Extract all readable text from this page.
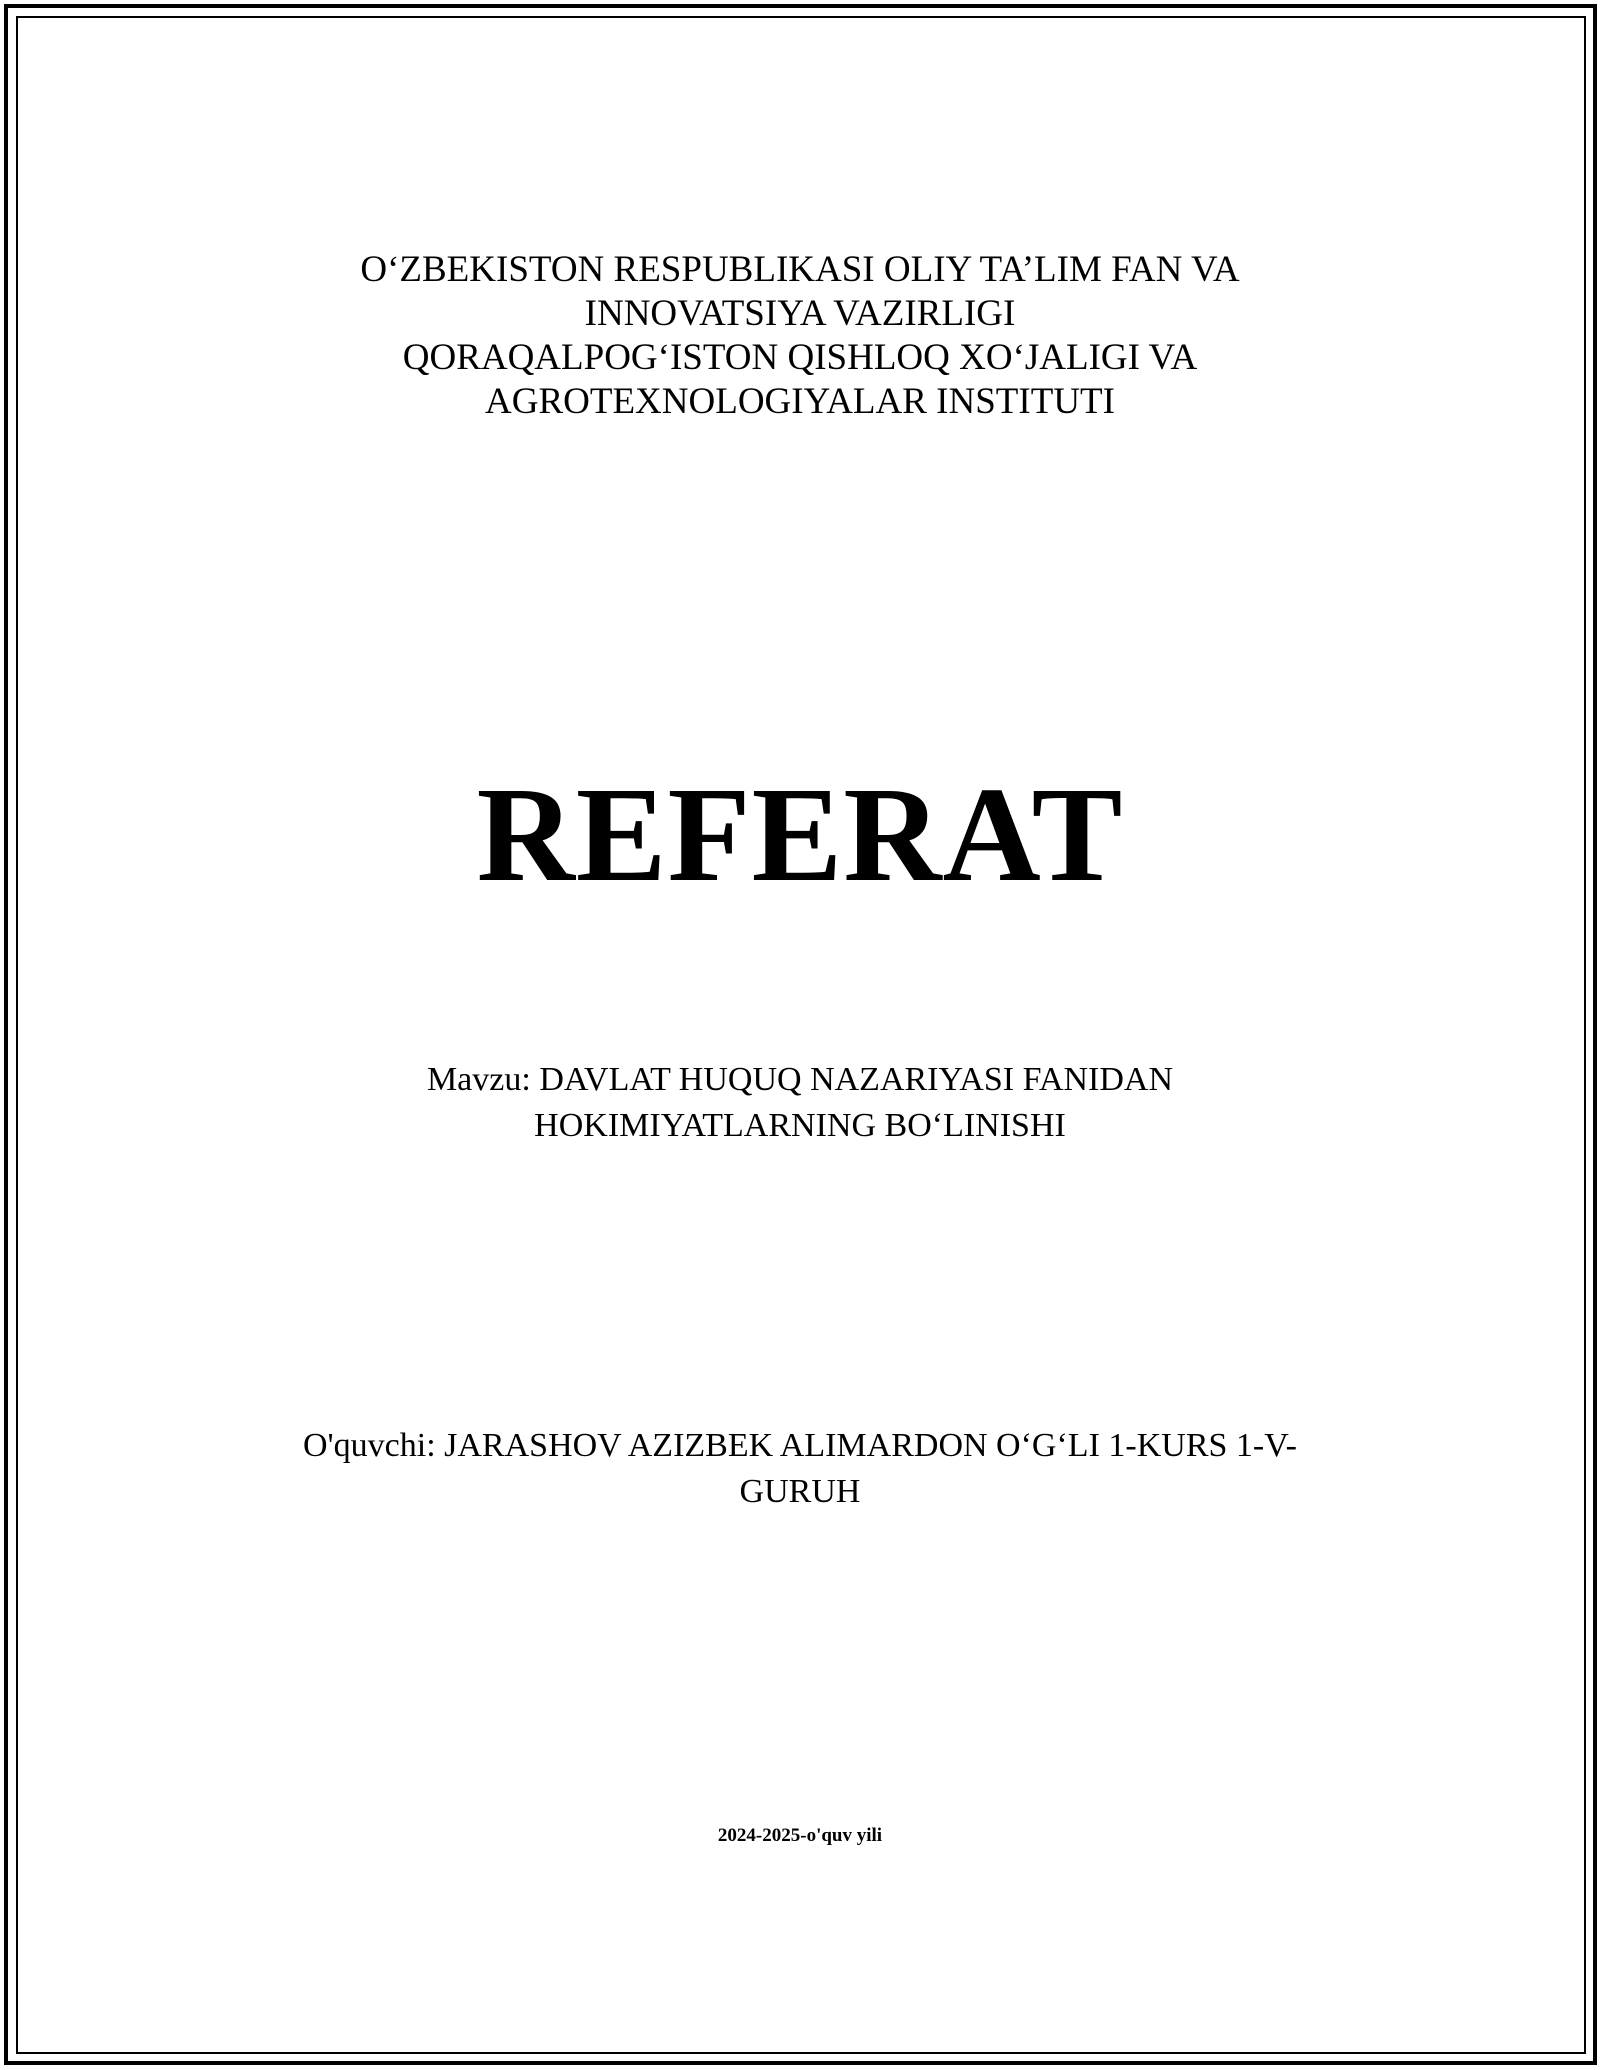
O‘ZBEKISTON RESPUBLIKASI OLIY TA’LIM FAN VA

INNOVATSIYA VAZIRLIGI

QORAQALPOG‘ISTON QISHLOQ XO‘JALIGI VA

AGROTEXNOLOGIYALAR INSTITUTI

REFERAT

Mavzu: DAVLAT HUQUQ NAZARIYASI FANIDAN

HOKIMIYATLARNING BO‘LINISHI

O'quvchi: JARASHOV AZIZBEK ALIMARDON O‘G‘LI 1-KURS 1-V-

GURUH

2024-2025-o'quv yili
